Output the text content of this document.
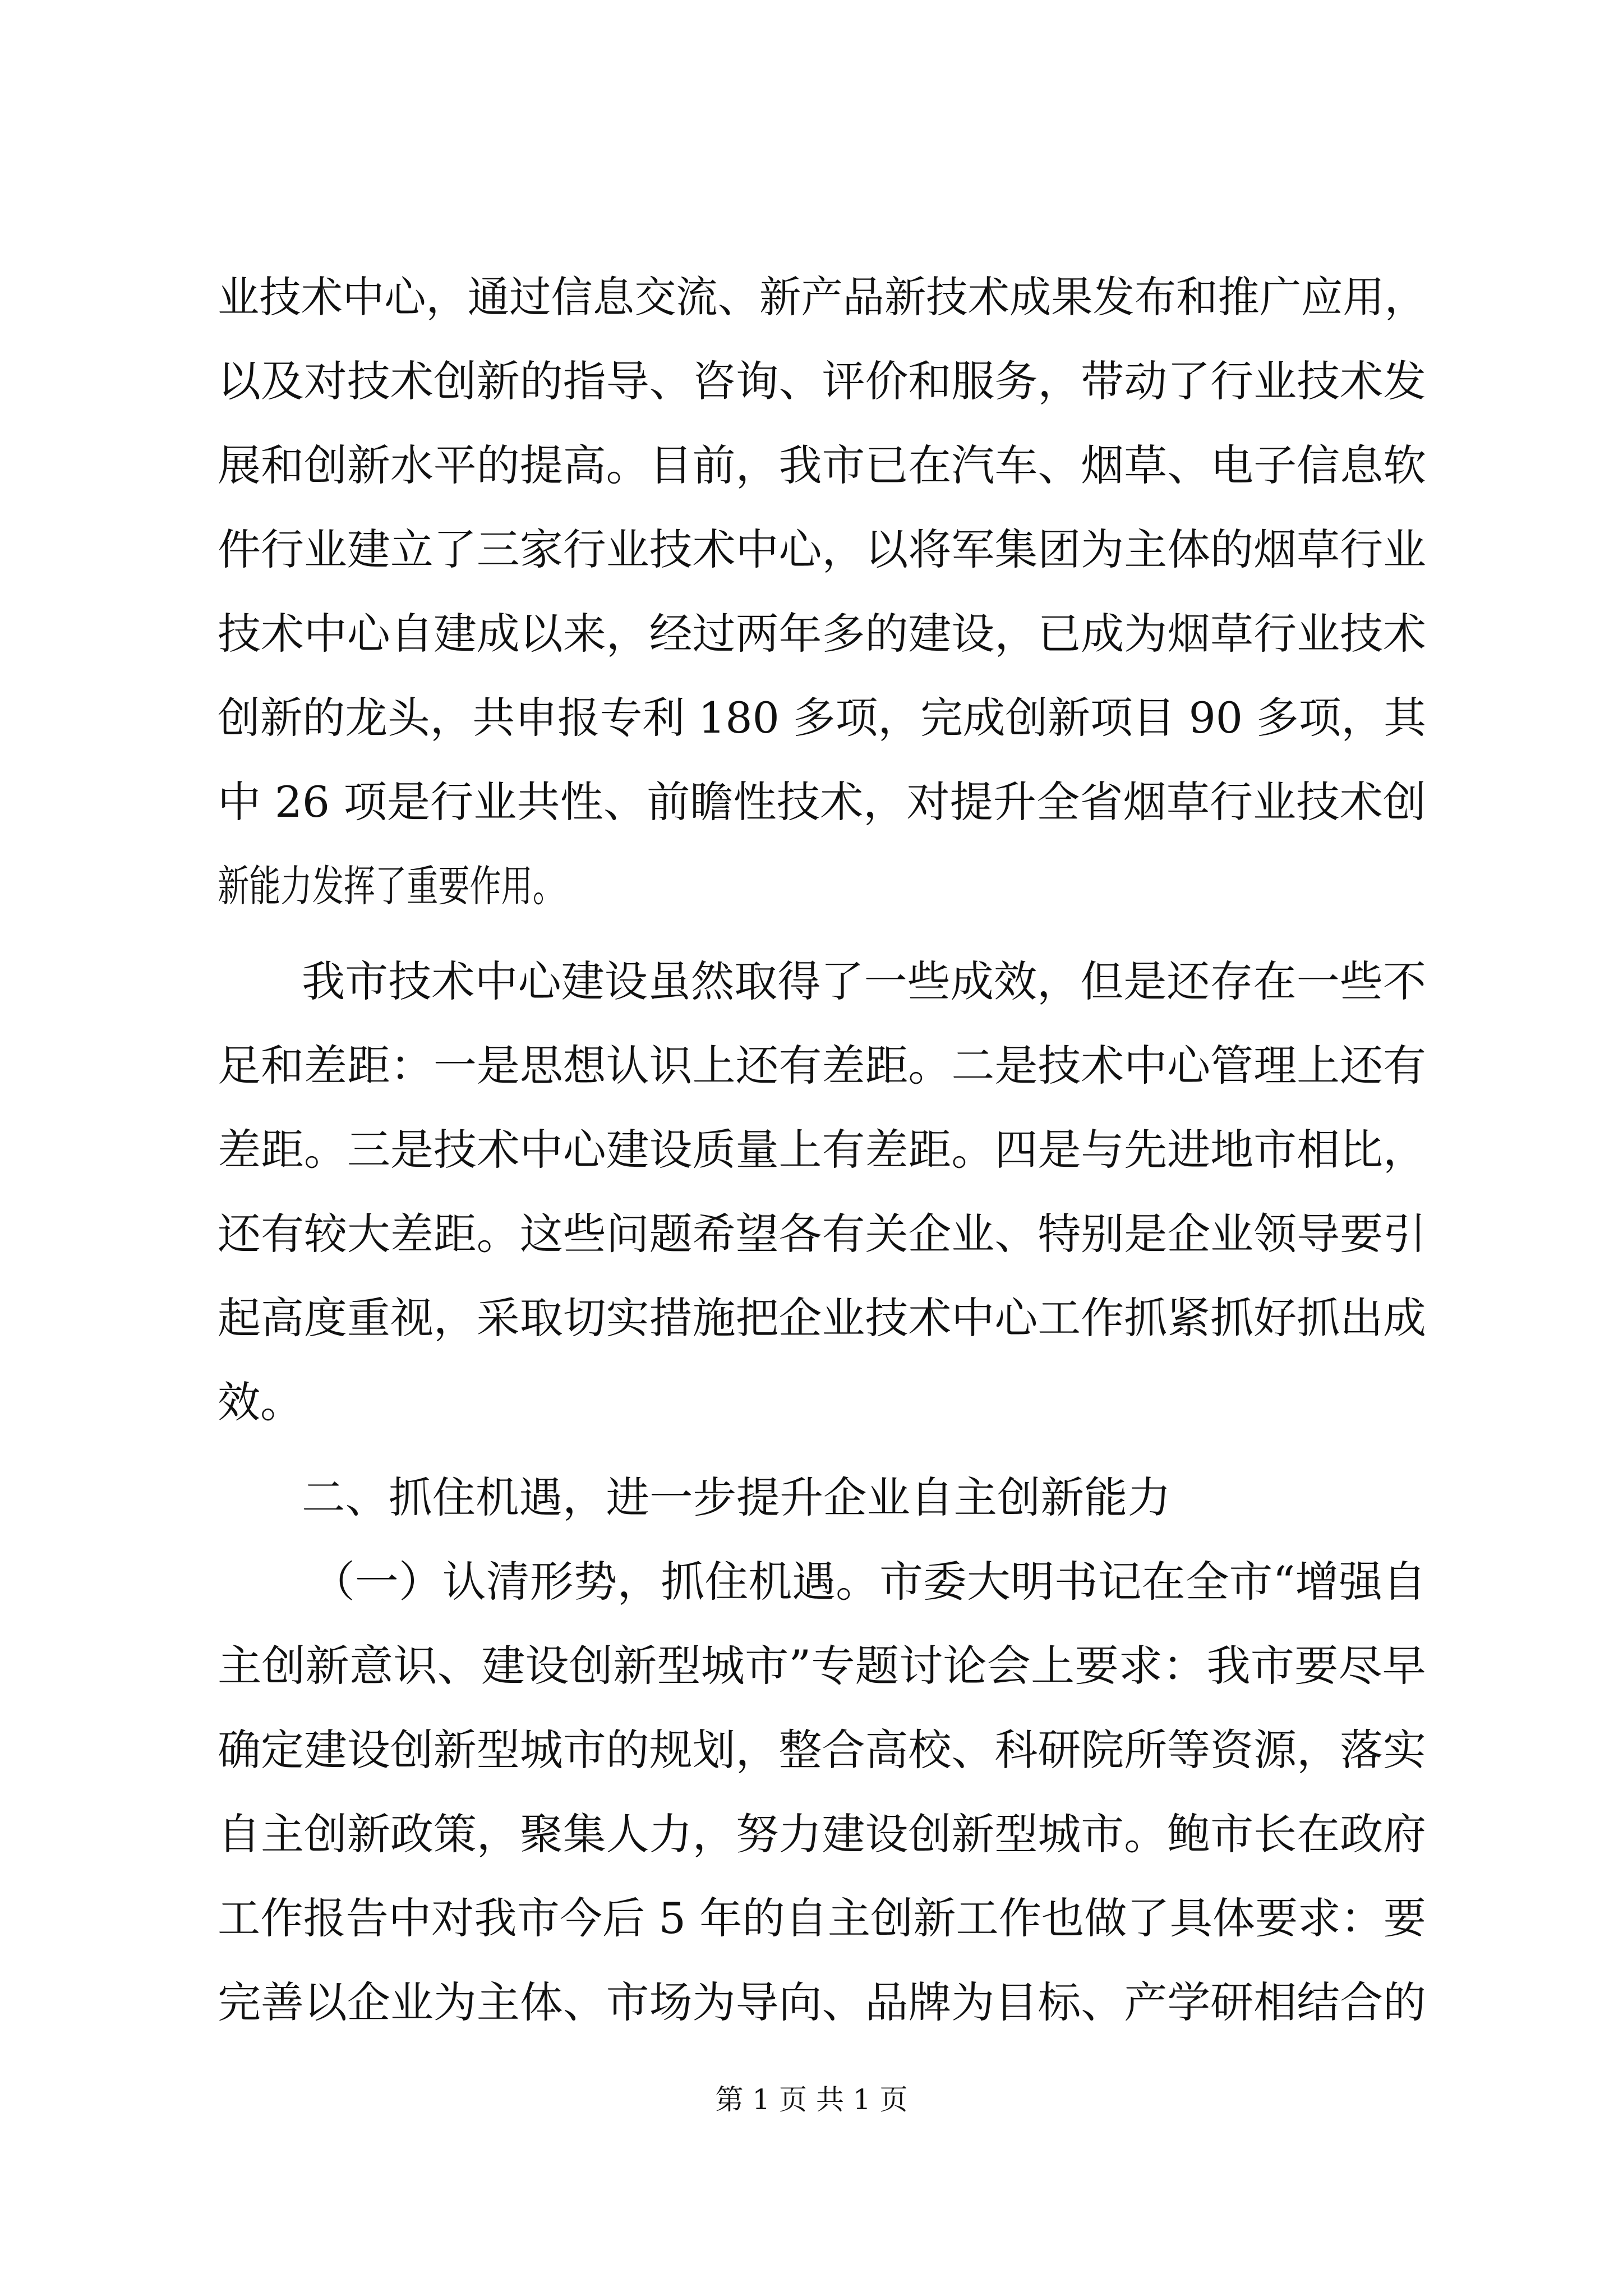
业技术中心，通过信息交流、新产品新技术成果发布和推广应用，

以及对技术创新的指导、咨询、评价和服务，带动了行业技术发

展和创新水平的提高。目前，我市已在汽车、烟草、电子信息软

件行业建立了三家行业技术中心，以将军集团为主体的烟草行业

技术中心自建成以来，经过两年多的建设，已成为烟草行业技术

创新的龙头，共申报专利 180 多项，完成创新项目 90 多项，其

中 26 项是行业共性、前瞻性技术，对提升全省烟草行业技术创

新能力发挥了重要作用。

我市技术中心建设虽然取得了一些成效，但是还存在一些不

足和差距：一是思想认识上还有差距。二是技术中心管理上还有

差距。三是技术中心建设质量上有差距。四是与先进地市相比，

还有较大差距。这些问题希望各有关企业、特别是企业领导要引

起高度重视，采取切实措施把企业技术中心工作抓紧抓好抓出成

效。

二、抓住机遇，进一步提升企业自主创新能力

（一）认清形势，抓住机遇。市委大明书记在全市“增强自

主创新意识、建设创新型城市”专题讨论会上要求：我市要尽早

确定建设创新型城市的规划，整合高校、科研院所等资源，落实

自主创新政策，聚集人力，努力建设创新型城市。鲍市长在政府

工作报告中对我市今后 5 年的自主创新工作也做了具体要求：要

完善以企业为主体、市场为导向、品牌为目标、产学研相结合的

第 1 页 共 1 页
